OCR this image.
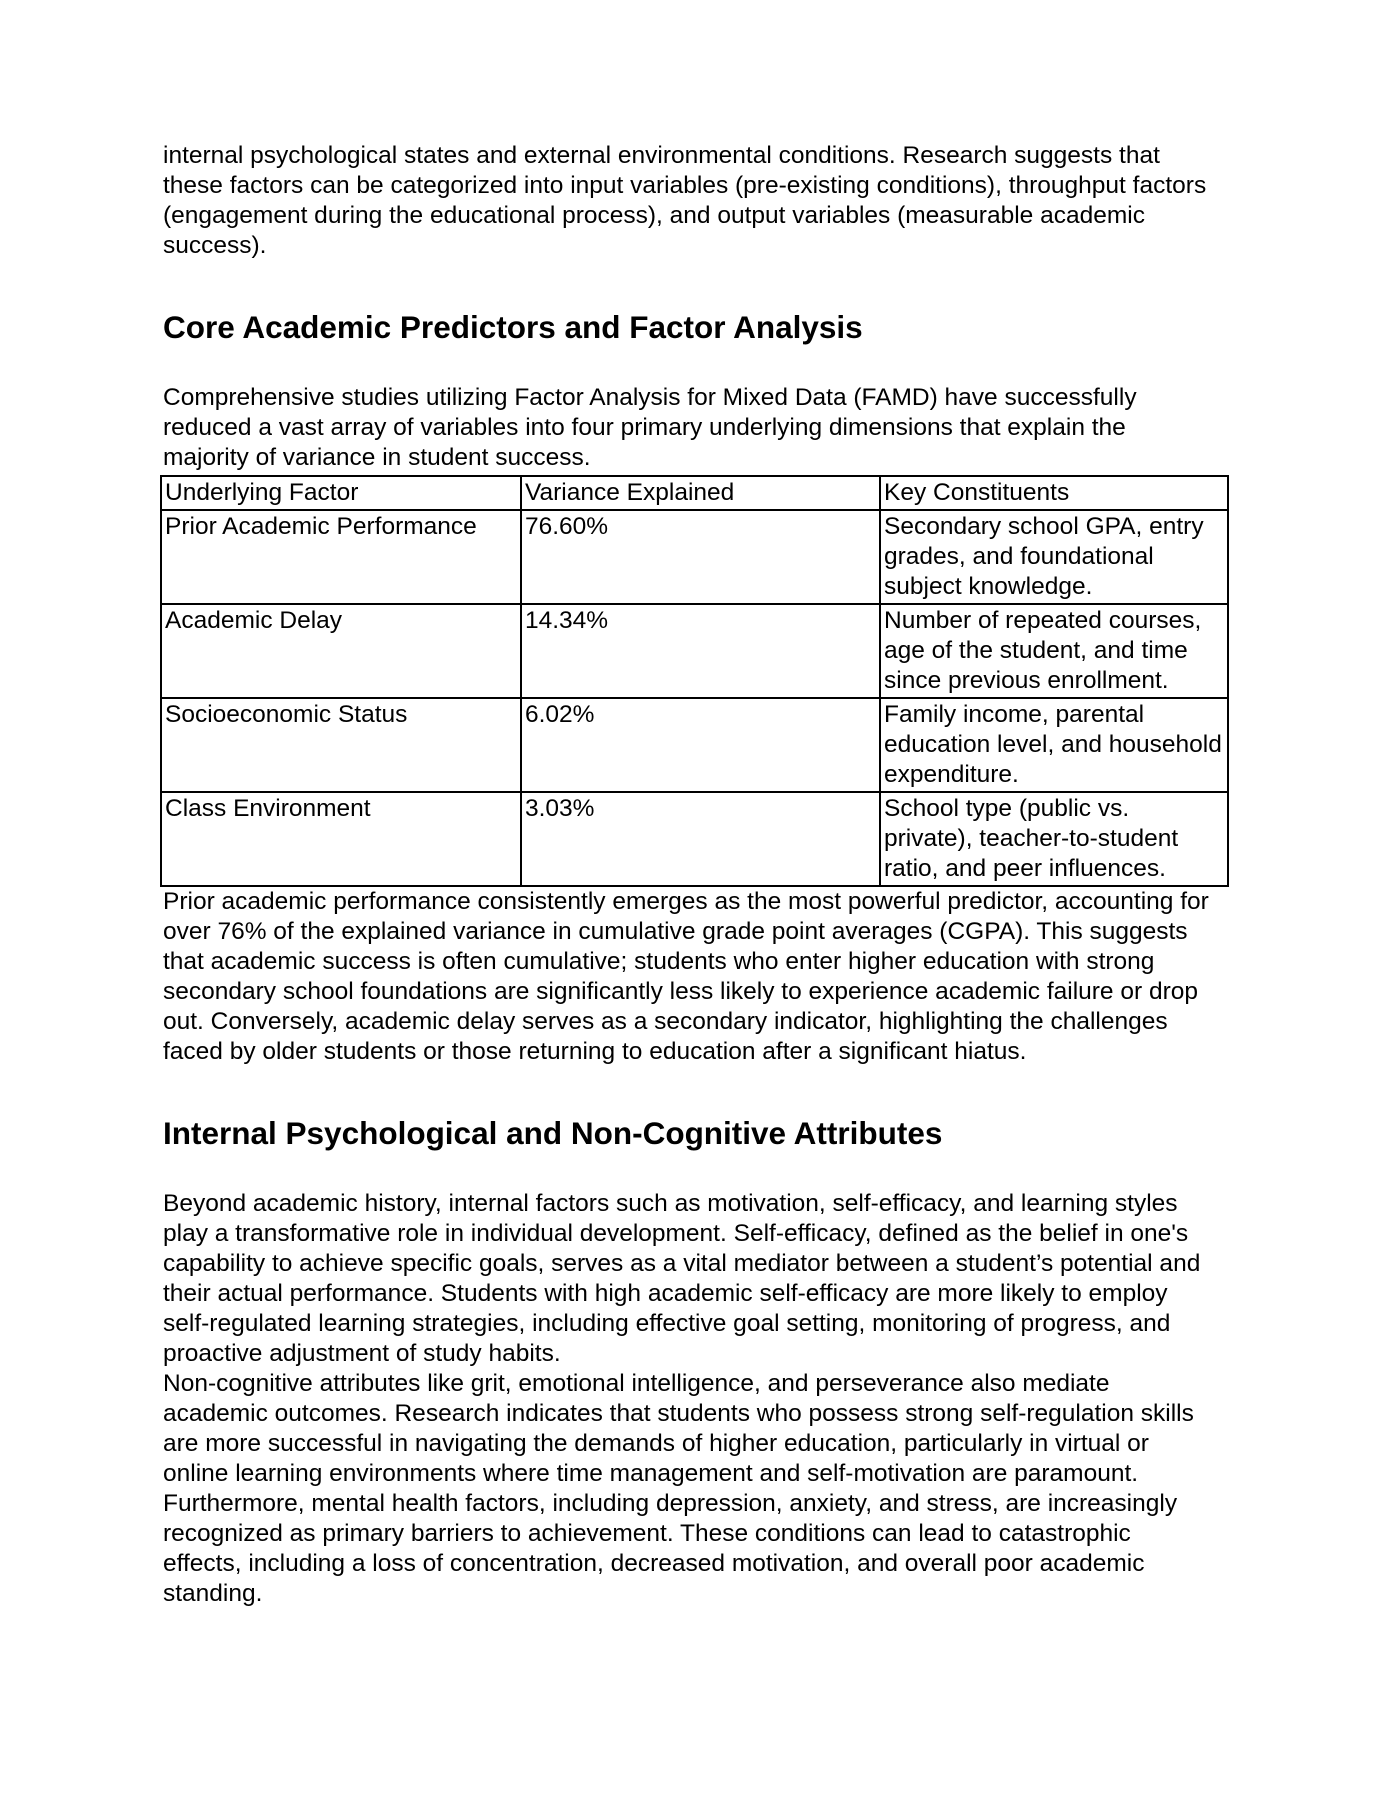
internal psychological states and external environmental conditions. Research suggests that these factors can be categorized into input variables (pre-existing conditions), throughput factors (engagement during the educational process), and output variables (measurable academic success).

Core Academic Predictors and Factor Analysis

Comprehensive studies utilizing Factor Analysis for Mixed Data (FAMD) have successfully reduced a vast array of variables into four primary underlying dimensions that explain the majority of variance in student success.

Underlying Factor	Variance Explained	Key Constituents
Prior Academic Performance	76.60%	Secondary school GPA, entry grades, and foundational subject knowledge.
Academic Delay	14.34%	Number of repeated courses, age of the student, and time since previous enrollment.
Socioeconomic Status	6.02%	Family income, parental education level, and household expenditure.
Class Environment	3.03%	School type (public vs. private), teacher-to-student ratio, and peer influences.

Prior academic performance consistently emerges as the most powerful predictor, accounting for over 76% of the explained variance in cumulative grade point averages (CGPA). This suggests that academic success is often cumulative; students who enter higher education with strong secondary school foundations are significantly less likely to experience academic failure or drop out. Conversely, academic delay serves as a secondary indicator, highlighting the challenges faced by older students or those returning to education after a significant hiatus.

Internal Psychological and Non-Cognitive Attributes

Beyond academic history, internal factors such as motivation, self-efficacy, and learning styles play a transformative role in individual development. Self-efficacy, defined as the belief in one's capability to achieve specific goals, serves as a vital mediator between a student’s potential and their actual performance. Students with high academic self-efficacy are more likely to employ self-regulated learning strategies, including effective goal setting, monitoring of progress, and proactive adjustment of study habits.

Non-cognitive attributes like grit, emotional intelligence, and perseverance also mediate academic outcomes. Research indicates that students who possess strong self-regulation skills are more successful in navigating the demands of higher education, particularly in virtual or online learning environments where time management and self-motivation are paramount. Furthermore, mental health factors, including depression, anxiety, and stress, are increasingly recognized as primary barriers to achievement. These conditions can lead to catastrophic effects, including a loss of concentration, decreased motivation, and overall poor academic standing.
